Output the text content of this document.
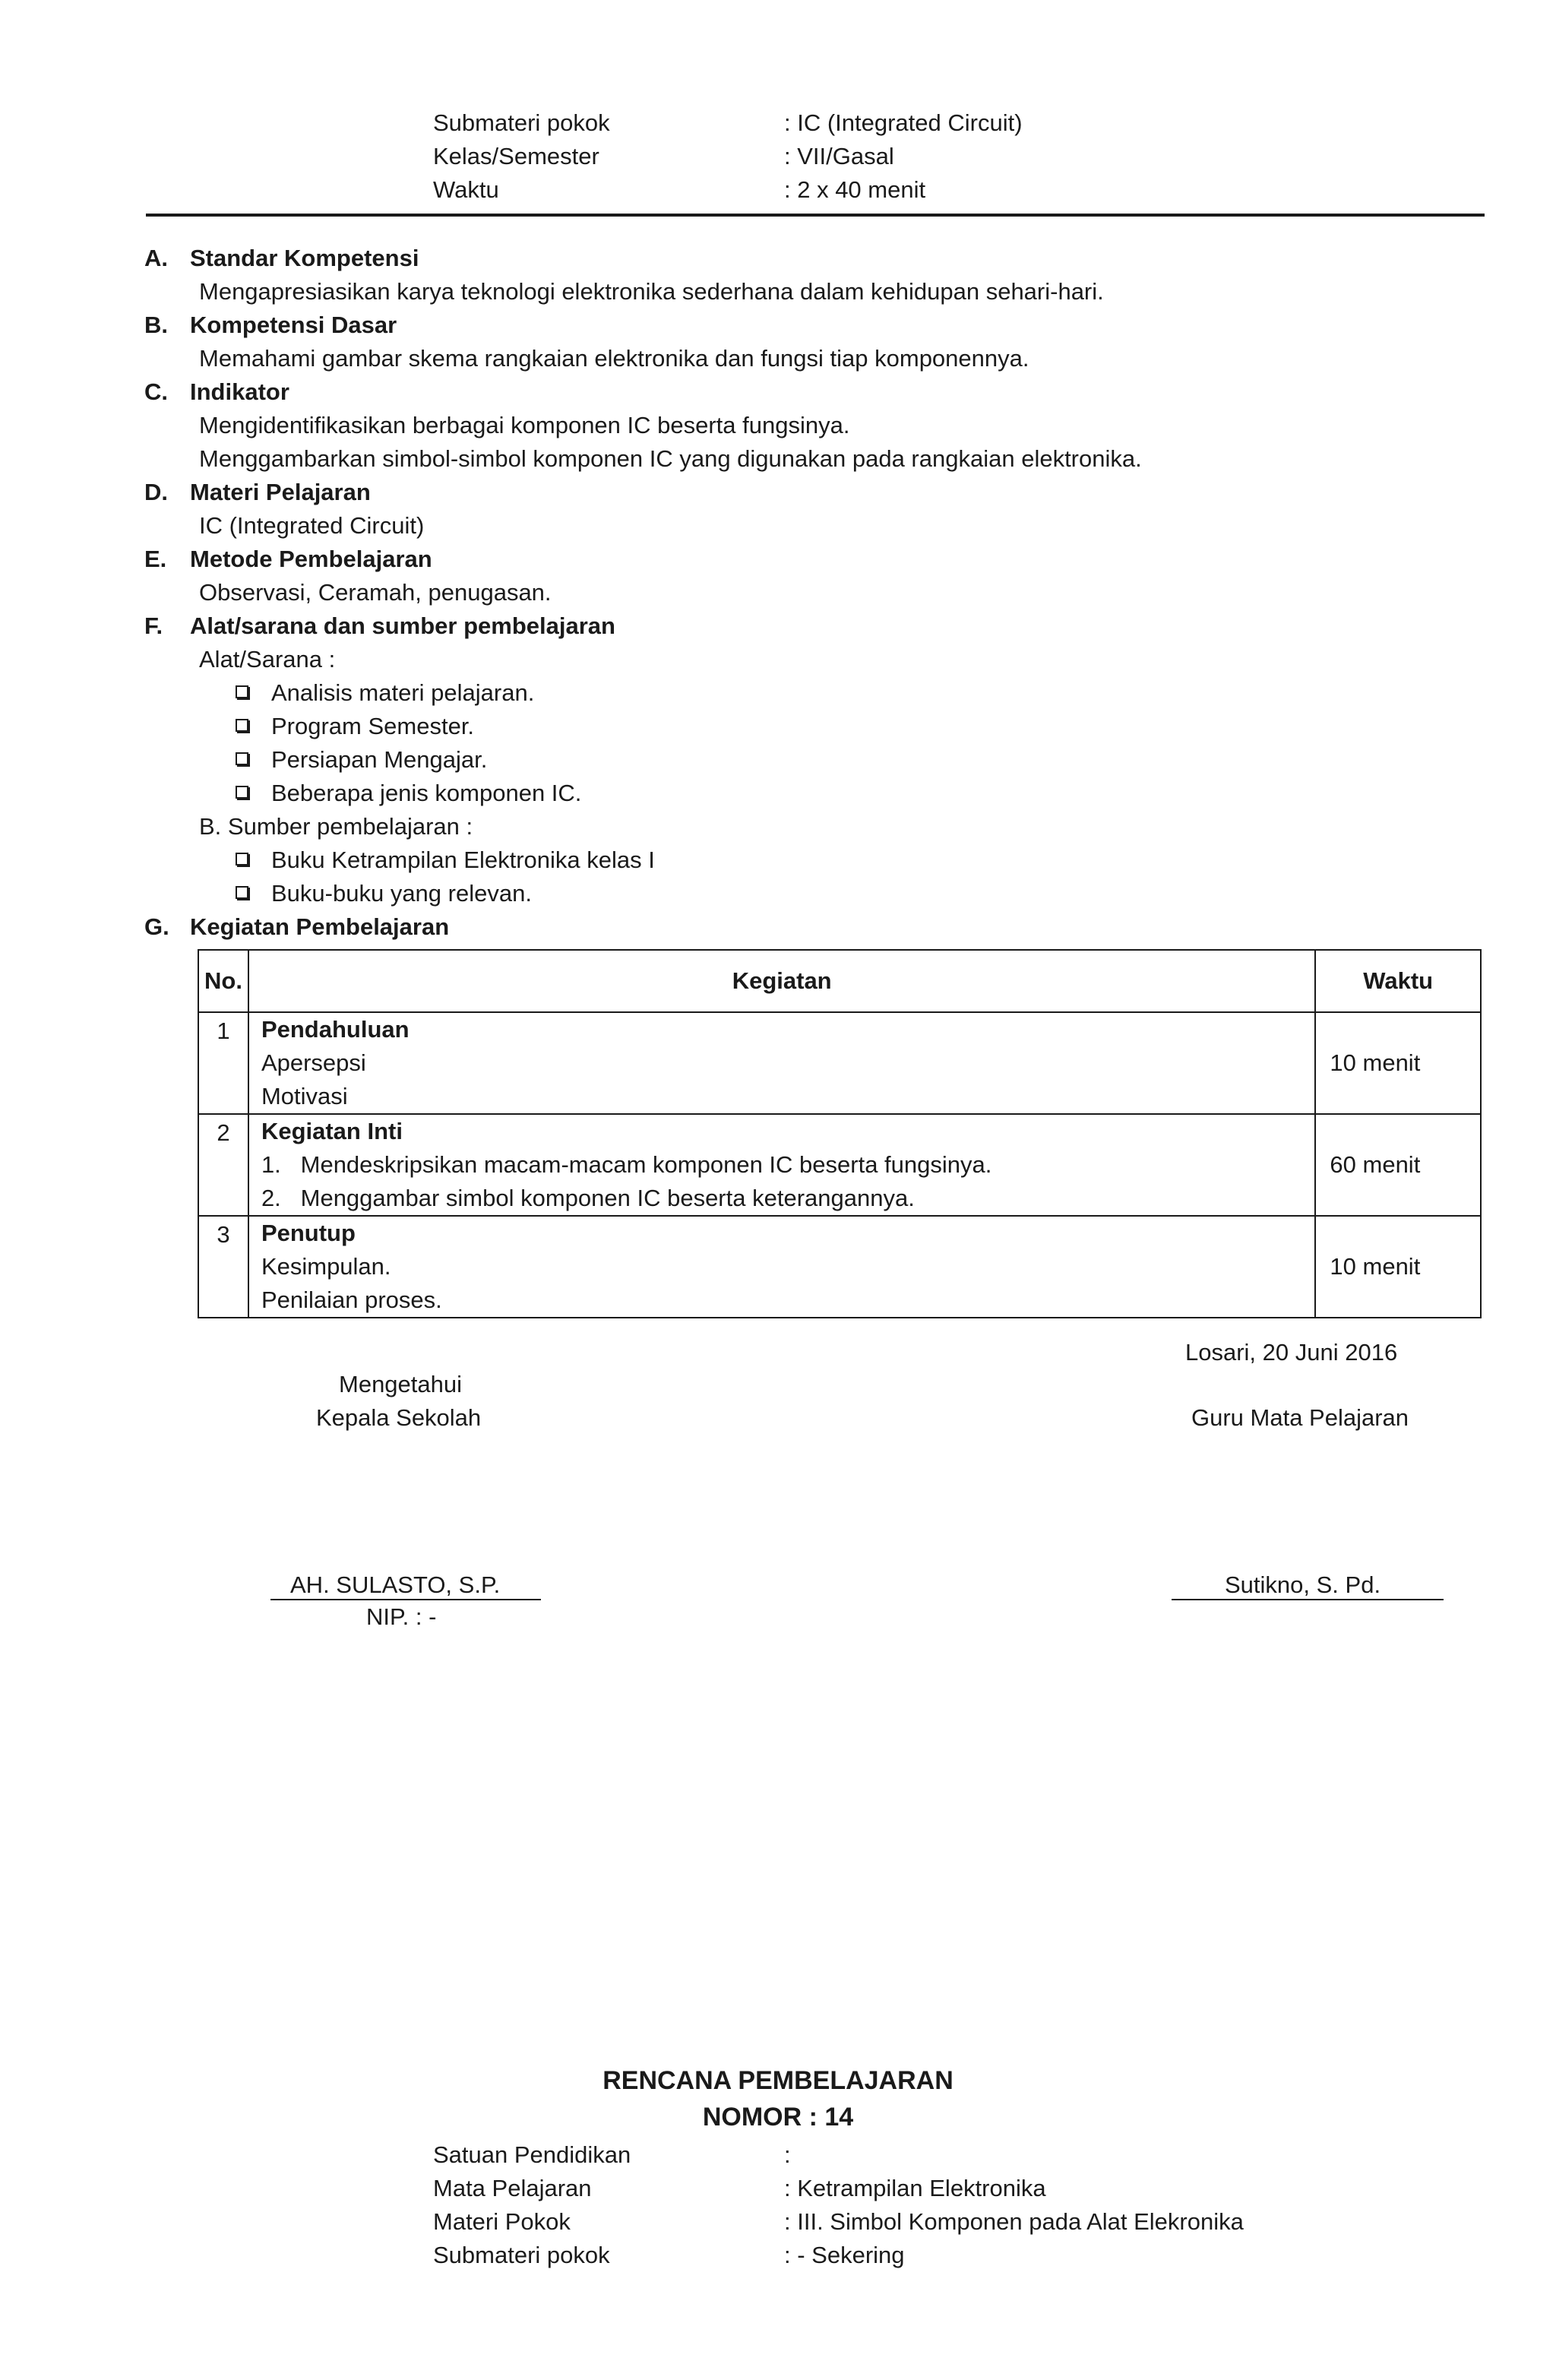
Submateri pokok	: IC (Integrated Circuit)
Kelas/Semester	: VII/Gasal
Waktu	: 2 x 40 menit
A. Standar Kompetensi
Mengapresiasikan karya teknologi elektronika sederhana dalam kehidupan sehari-hari.
B. Kompetensi Dasar
Memahami gambar skema rangkaian elektronika dan fungsi tiap komponennya.
C. Indikator
Mengidentifikasikan berbagai komponen IC beserta fungsinya.
Menggambarkan simbol-simbol komponen IC yang digunakan pada rangkaian elektronika.
D. Materi Pelajaran
IC (Integrated Circuit)
E. Metode Pembelajaran
Observasi, Ceramah, penugasan.
F. Alat/sarana dan sumber pembelajaran
Alat/Sarana :
Analisis materi pelajaran.
Program Semester.
Persiapan Mengajar.
Beberapa jenis komponen IC.
B. Sumber pembelajaran :
Buku Ketrampilan Elektronika kelas I
Buku-buku yang relevan.
G. Kegiatan Pembelajaran
No.	Kegiatan	Waktu

1	Pendahuluan
Apersepsi
Motivasi	10 menit

2	Kegiatan Inti
1.   Mendeskripsikan macam-macam komponen IC beserta fungsinya.
2.   Menggambar simbol komponen IC beserta keterangannya.	60 menit

3	Penutup
Kesimpulan.
Penilaian proses.	10 menit
Losari, 20 Juni 2016
Mengetahui
Kepala Sekolah	Guru Mata Pelajaran
AH. SULASTO, S.P.
NIP. : -
Sutikno, S. Pd.
RENCANA PEMBELAJARAN
NOMOR : 14
Satuan Pendidikan	:
Mata Pelajaran	: Ketrampilan Elektronika
Materi Pokok	: III. Simbol Komponen pada Alat Elekronika
Submateri pokok	: - Sekering
